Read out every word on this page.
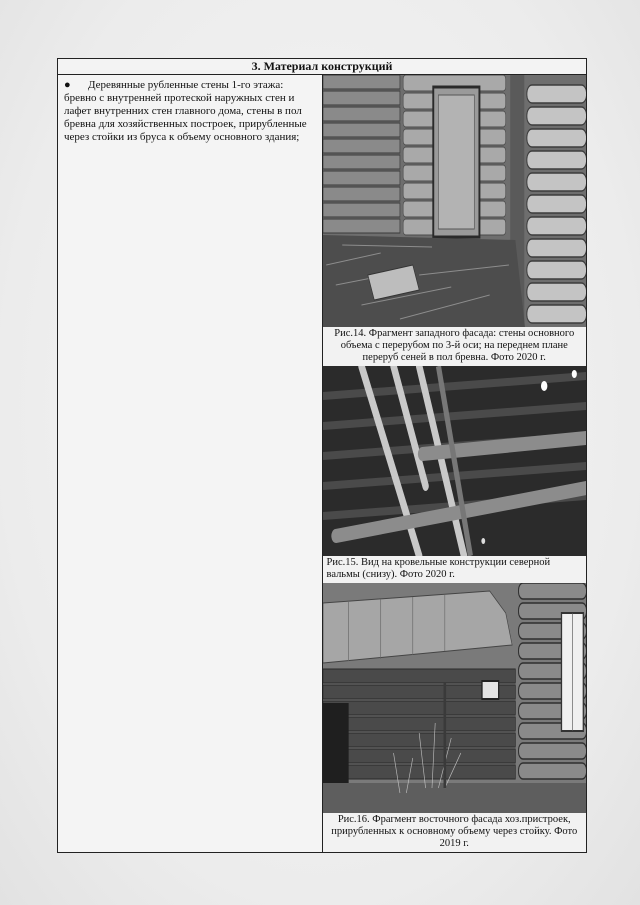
3. Материал конструкций
● Деревянные рубленные стены 1-го этажа: бревно с внутренней протеской наружных стен и лафет внутренних стен главного дома, стены в пол бревна для хозяйственных построек, прирубленные через стойки из бруса к объему основного здания;	
Рис.14. Фрагмент западного фасада: стены основного объема с перерубом по 3-й оси; на переднем плане переруб сеней в пол бревна. Фото 2020 г.
Рис.15. Вид на кровельные конструкции северной вальмы (снизу). Фото 2020 г.
Рис.16. Фрагмент восточного фасада хоз.пристроек, прирубленных к основному объему через стойку. Фото 2019 г.
